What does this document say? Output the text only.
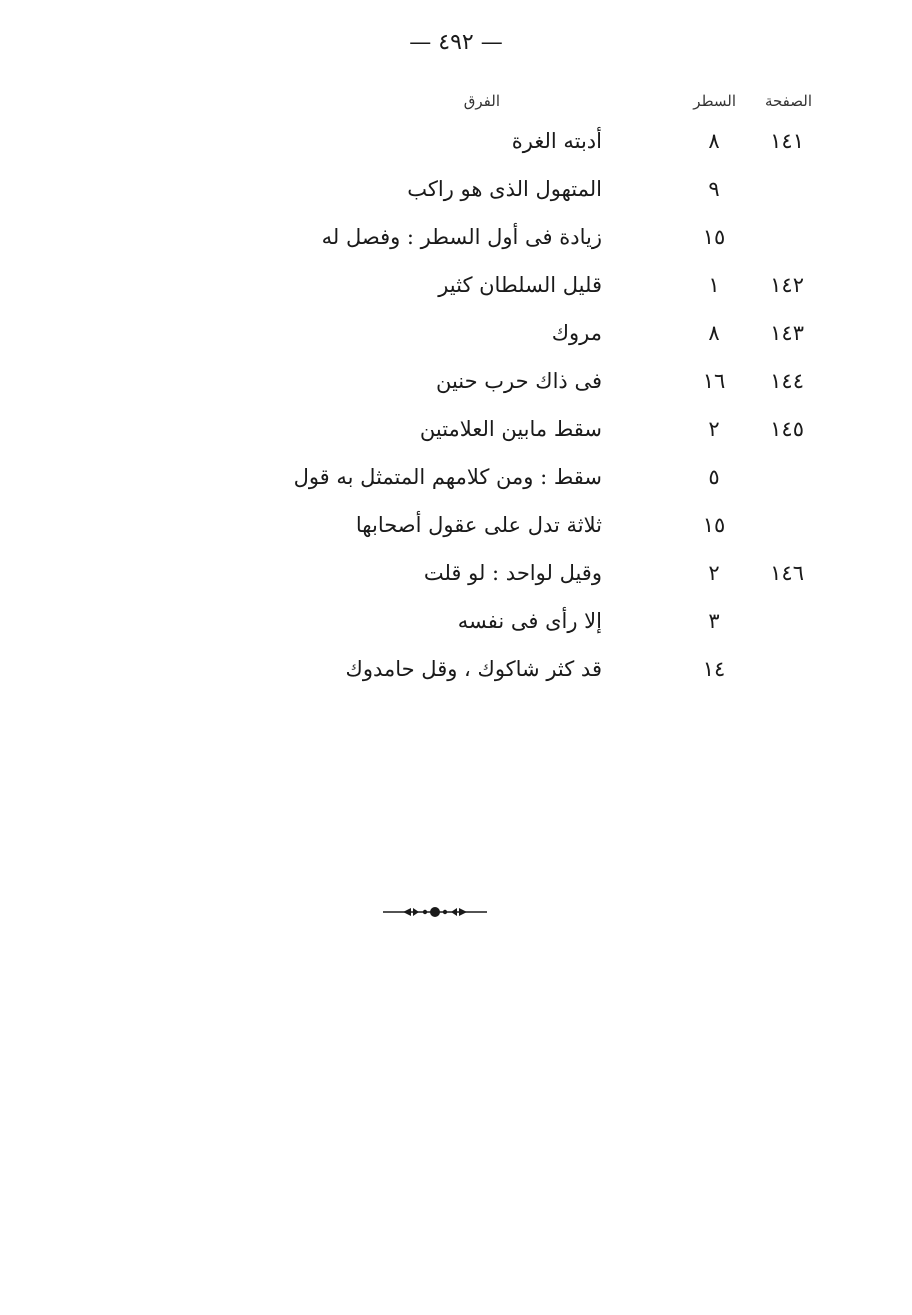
— ٤٩٢ —
الصفحة
السطر
الفرق
١٤١
٨
أدبته الغرة
٩
المتهول الذى هو راكب
١٥
زيادة فى أول السطر : وفصل له
١٤٢
١
قليل السلطان كثير
١٤٣
٨
مروك
١٤٤
١٦
فى ذاك حرب حنين
١٤٥
٢
سقط مابين العلامتين
٥
سقط : ومن كلامهم المتمثل به قول
١٥
ثلاثة تدل على عقول أصحابها
١٤٦
٢
وقيل لواحد : لو قلت
٣
إلا رأى فى نفسه
١٤
قد كثر شاكوك ، وقل حامدوك
